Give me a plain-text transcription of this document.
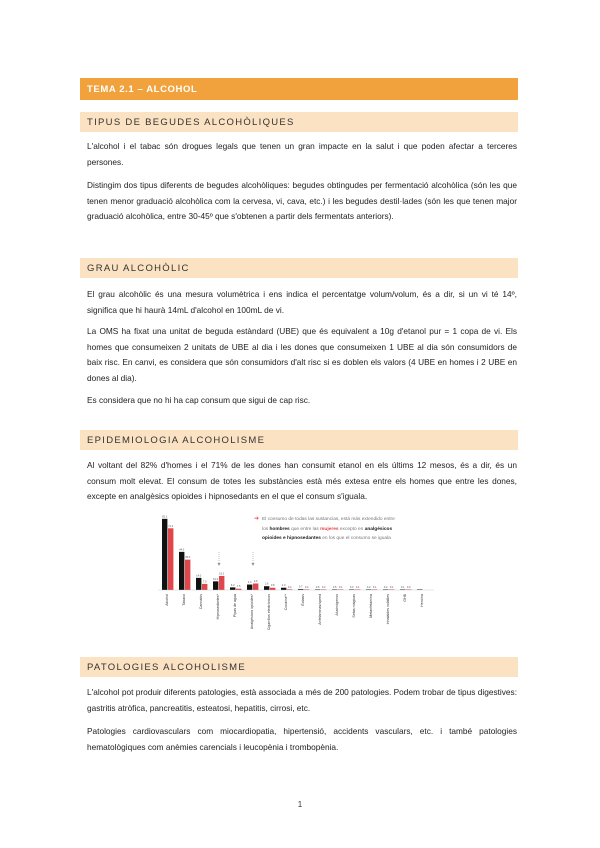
TEMA 2.1 – ALCOHOL
TIPUS DE BEGUDES ALCOHÒLIQUES

L'alcohol i el tabac són drogues legals que tenen un gran impacte en la salut i que poden afectar a terceres persones.

Distingim dos tipus diferents de begudes alcohòliques: begudes obtingudes per fermentació alcohòlica (són les que tenen menor graduació alcohòlica com la cervesa, vi, cava, etc.) i les begudes destil·lades (són les que tenen major graduació alcohòlica, entre 30-45º que s'obtenen a partir dels fermentats anteriors).

GRAU ALCOHÒLIC

El grau alcohòlic és una mesura volumètrica i ens indica el percentatge volum/volum, és a dir, si un vi té 14º, significa que hi haurà 14mL d'alcohol en 100mL de vi.

La OMS ha fixat una unitat de beguda estàndard (UBE) que és equivalent a 10g d'etanol pur = 1 copa de vi. Els homes que consumeixen 2 unitats de UBE al dia i les dones que consumeixen 1 UBE al dia són consumidors de baix risc. En canvi, es considera que són consumidors d'alt risc si es doblen els valors (4 UBE en homes i 2 UBE en dones al dia).

Es considera que no hi ha cap consum que sigui de cap risc.

EPIDEMIOLOGIA ALCOHOLISME

Al voltant del 82% d'homes i el 71% de les dones han consumit etanol en els últims 12 mesos, és a dir, és un consum molt elevat. El consum de totes les substàncies està més extesa entre els homes que entre les dones, excepte en analgèsics opioides i hipnosedants en el que el consum s'iguala.

82.1
71.2
Alcohol
44.0
35.0
Tabaco
14.0
7.0
Cannabis
10.0
16.2
Hipnosedantes*
6.3 7.5
Pipas de agua
4.4 2.6
Analgésicos opioides*
2.6
0.8
Cigarrillos electrónicos
1.0
0.4
Cocaína**
0.7 0.3
Éxtasis
0.6 0.2
Anfetaminas/speed
0.5 0.1
Alucinógenos
0.3 0.1
Setas mágicas
0.2 0.1
Metanfetamina
0.2 0.1
Inhalables volátiles
0.1 0.0
GHB	Heroína
➔ El consumo de todas las sustancias, está más extendido entre
los hombres que entre las mujeres excepto en analgésicos
opioides e hipnosedantes en los que el consumo se iguala
PATOLOGIES ALCOHOLISME

L'alcohol pot produir diferents patologies, està associada a més de 200 patologies. Podem trobar de tipus digestives: gastritis atròfica, pancreatitis, esteatosi, hepatitis, cirrosi, etc.

Patologies cardiovasculars com miocardiopatia, hipertensió, accidents vasculars, etc. i també patologies hematològiques com anèmies carencials i leucopènia i trombopènia.

1
